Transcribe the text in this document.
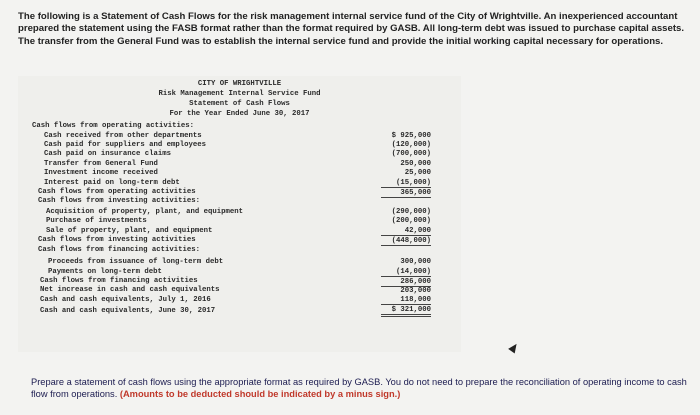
The following is a Statement of Cash Flows for the risk management internal service fund of the City of Wrightville. An inexperienced accountant prepared the statement using the FASB format rather than the format required by GASB. All long-term debt was issued to purchase capital assets. The transfer from the General Fund was to establish the internal service fund and provide the initial working capital necessary for operations.
CITY OF WRIGHTVILLE
Risk Management Internal Service Fund
Statement of Cash Flows
For the Year Ended June 30, 2017
Cash flows from operating activities:
Cash received from other departments
Cash paid for suppliers and employees
Cash paid on insurance claims
Transfer from General Fund
Investment income received
Interest paid on long-term debt
Cash flows from operating activities
Cash flows from investing activities:
Acquisition of property, plant, and equipment
Purchase of investments
Sale of property, plant, and equipment
Cash flows from investing activities
Cash flows from financing activities:
Proceeds from issuance of long-term debt
Payments on long-term debt
Cash flows from financing activities
Net increase in cash and cash equivalents
Cash and cash equivalents, July 1, 2016
Cash and cash equivalents, June 30, 2017
$ 925,000
(120,000)
(700,000)
250,000
25,000
(15,000)
365,000
(290,000)
(200,000)
42,000
(448,000)
300,000
(14,000)
286,000
203,000
118,000
$ 321,000
Prepare a statement of cash flows using the appropriate format as required by GASB. You do not need to prepare the reconciliation of operating income to cash flow from operations. (Amounts to be deducted should be indicated by a minus sign.)
